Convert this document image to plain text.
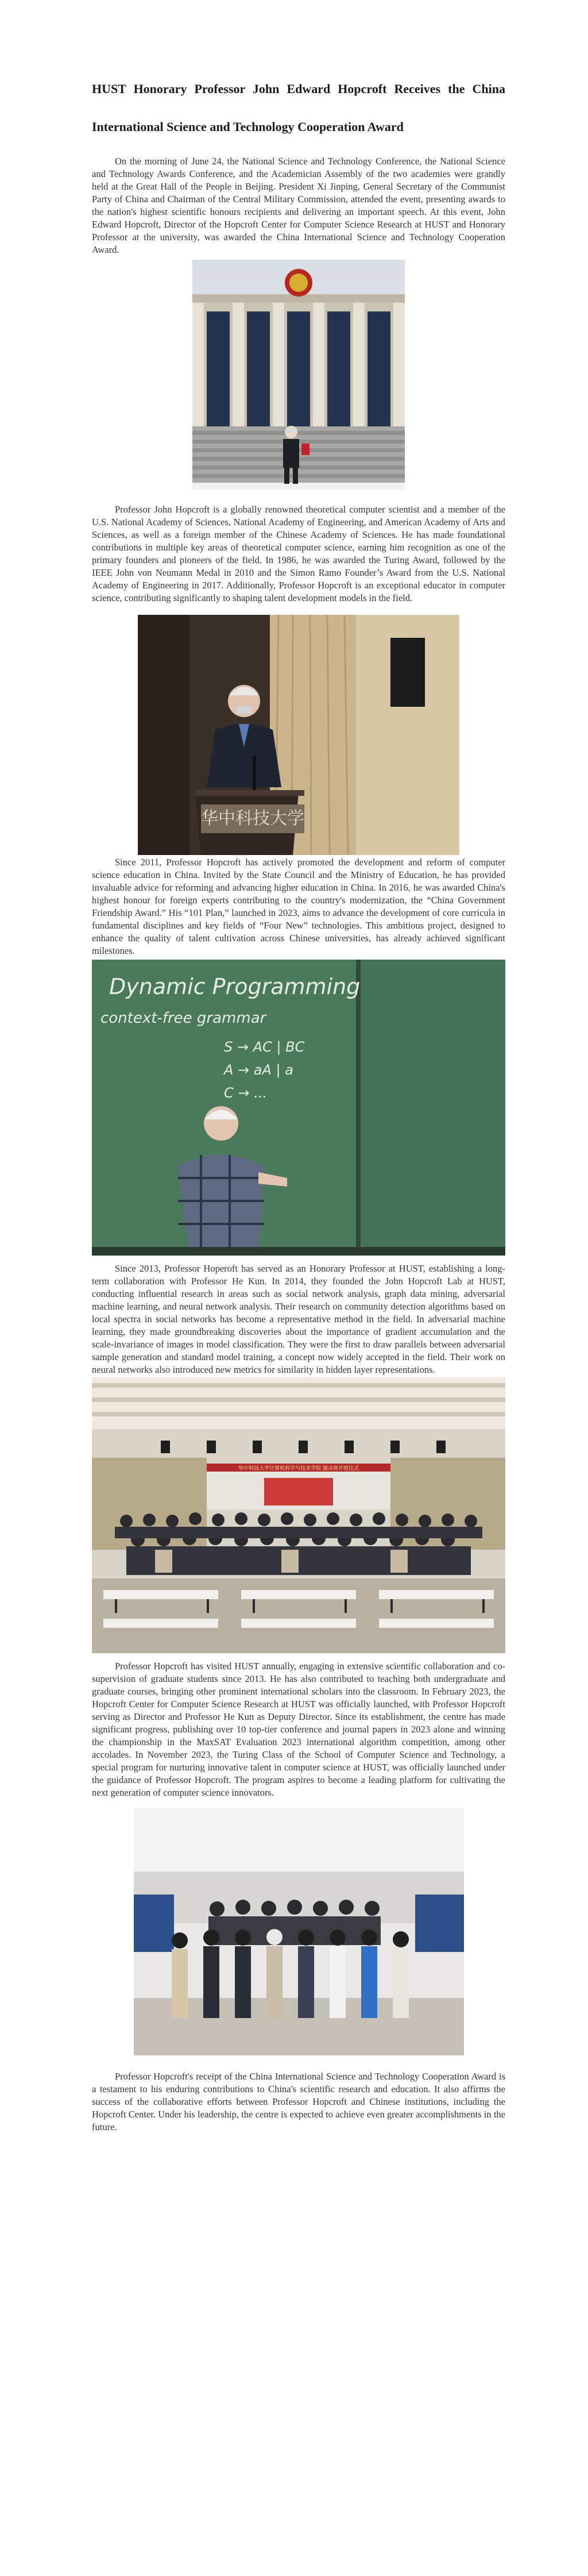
HUST Honorary Professor John Edward Hopcroft Receives the China International Science and Technology Cooperation Award

On the morning of June 24, the National Science and Technology Conference, the National Science and Technology Awards Conference, and the Academician Assembly of the two academies were grandly held at the Great Hall of the People in Beijing. President Xi Jinping, General Secretary of the Communist Party of China and Chairman of the Central Military Commission, attended the event, presenting awards to the nation's highest scientific honours recipients and delivering an important speech. At this event, John Edward Hopcroft, Director of the Hopcroft Center for Computer Science Research at HUST and Honorary Professor at the university, was awarded the China International Science and Technology Cooperation Award.

Professor John Hopcroft is a globally renowned theoretical computer scientist and a member of the U.S. National Academy of Sciences, National Academy of Engineering, and American Academy of Arts and Sciences, as well as a foreign member of the Chinese Academy of Sciences. He has made foundational contributions in multiple key areas of theoretical computer science, earning him recognition as one of the primary founders and pioneers of the field. In 1986, he was awarded the Turing Award, followed by the IEEE John von Neumann Medal in 2010 and the Simon Ramo Founder’s Award from the U.S. National Academy of Engineering in 2017. Additionally, Professor Hopcroft is an exceptional educator in computer science, contributing significantly to shaping talent development models in the field.

华中科技大学

Since 2011, Professor Hopcroft has actively promoted the development and reform of computer science education in China. Invited by the State Council and the Ministry of Education, he has provided invaluable advice for reforming and advancing higher education in China. In 2016, he was awarded China's highest honour for foreign experts contributing to the country's modernization, the “China Government Friendship Award.” His “101 Plan,” launched in 2023, aims to advance the development of core curricula in fundamental disciplines and key fields of “Four New” technologies. This ambitious project, designed to enhance the quality of talent cultivation across Chinese universities, has already achieved significant milestones.

Dynamic Programming
context-free grammar
S → AC | BC
A → aA | a
C → ...

Since 2013, Professor Hoperoft has served as an Honorary Professor at HUST, establishing a long-term collaboration with Professor He Kun. In 2014, they founded the John Hopcroft Lab at HUST, conducting influential research in areas such as social network analysis, graph data mining, adversarial machine learning, and neural network analysis. Their research on community detection algorithms based on local spectra in social networks has become a representative method in the field. In adversarial machine learning, they made groundbreaking discoveries about the importance of gradient accumulation and the scale-invariance of images in model classification. They were the first to draw parallels between adversarial sample generation and standard model training, a concept now widely accepted in the field. Their work on neural networks also introduced new metrics for similarity in hidden layer representations.

华中科技大学计算机科学与技术学院 图灵班开班仪式

Professor Hopcroft has visited HUST annually, engaging in extensive scientific collaboration and co-supervision of graduate students since 2013. He has also contributed to teaching both undergraduate and graduate courses, bringing other prominent international scholars into the classroom. In February 2023, the Hopcroft Center for Computer Science Research at HUST was officially launched, with Professor Hopcroft serving as Director and Professor He Kun as Deputy Director. Since its establishment, the centre has made significant progress, publishing over 10 top-tier conference and journal papers in 2023 alone and winning the championship in the MaxSAT Evaluation 2023 international algorithm competition, among other accolades. In November 2023, the Turing Class of the School of Computer Science and Technology, a special program for nurturing innovative talent in computer science at HUST, was officially launched under the guidance of Professor Hopcroft. The program aspires to become a leading platform for cultivating the next generation of computer science innovators.

Professor Hopcroft's receipt of the China International Science and Technology Cooperation Award is a testament to his enduring contributions to China's scientific research and education. It also affirms the success of the collaborative efforts between Professor Hopcroft and Chinese institutions, including the Hopcroft Center. Under his leadership, the centre is expected to achieve even greater accomplishments in the future.
